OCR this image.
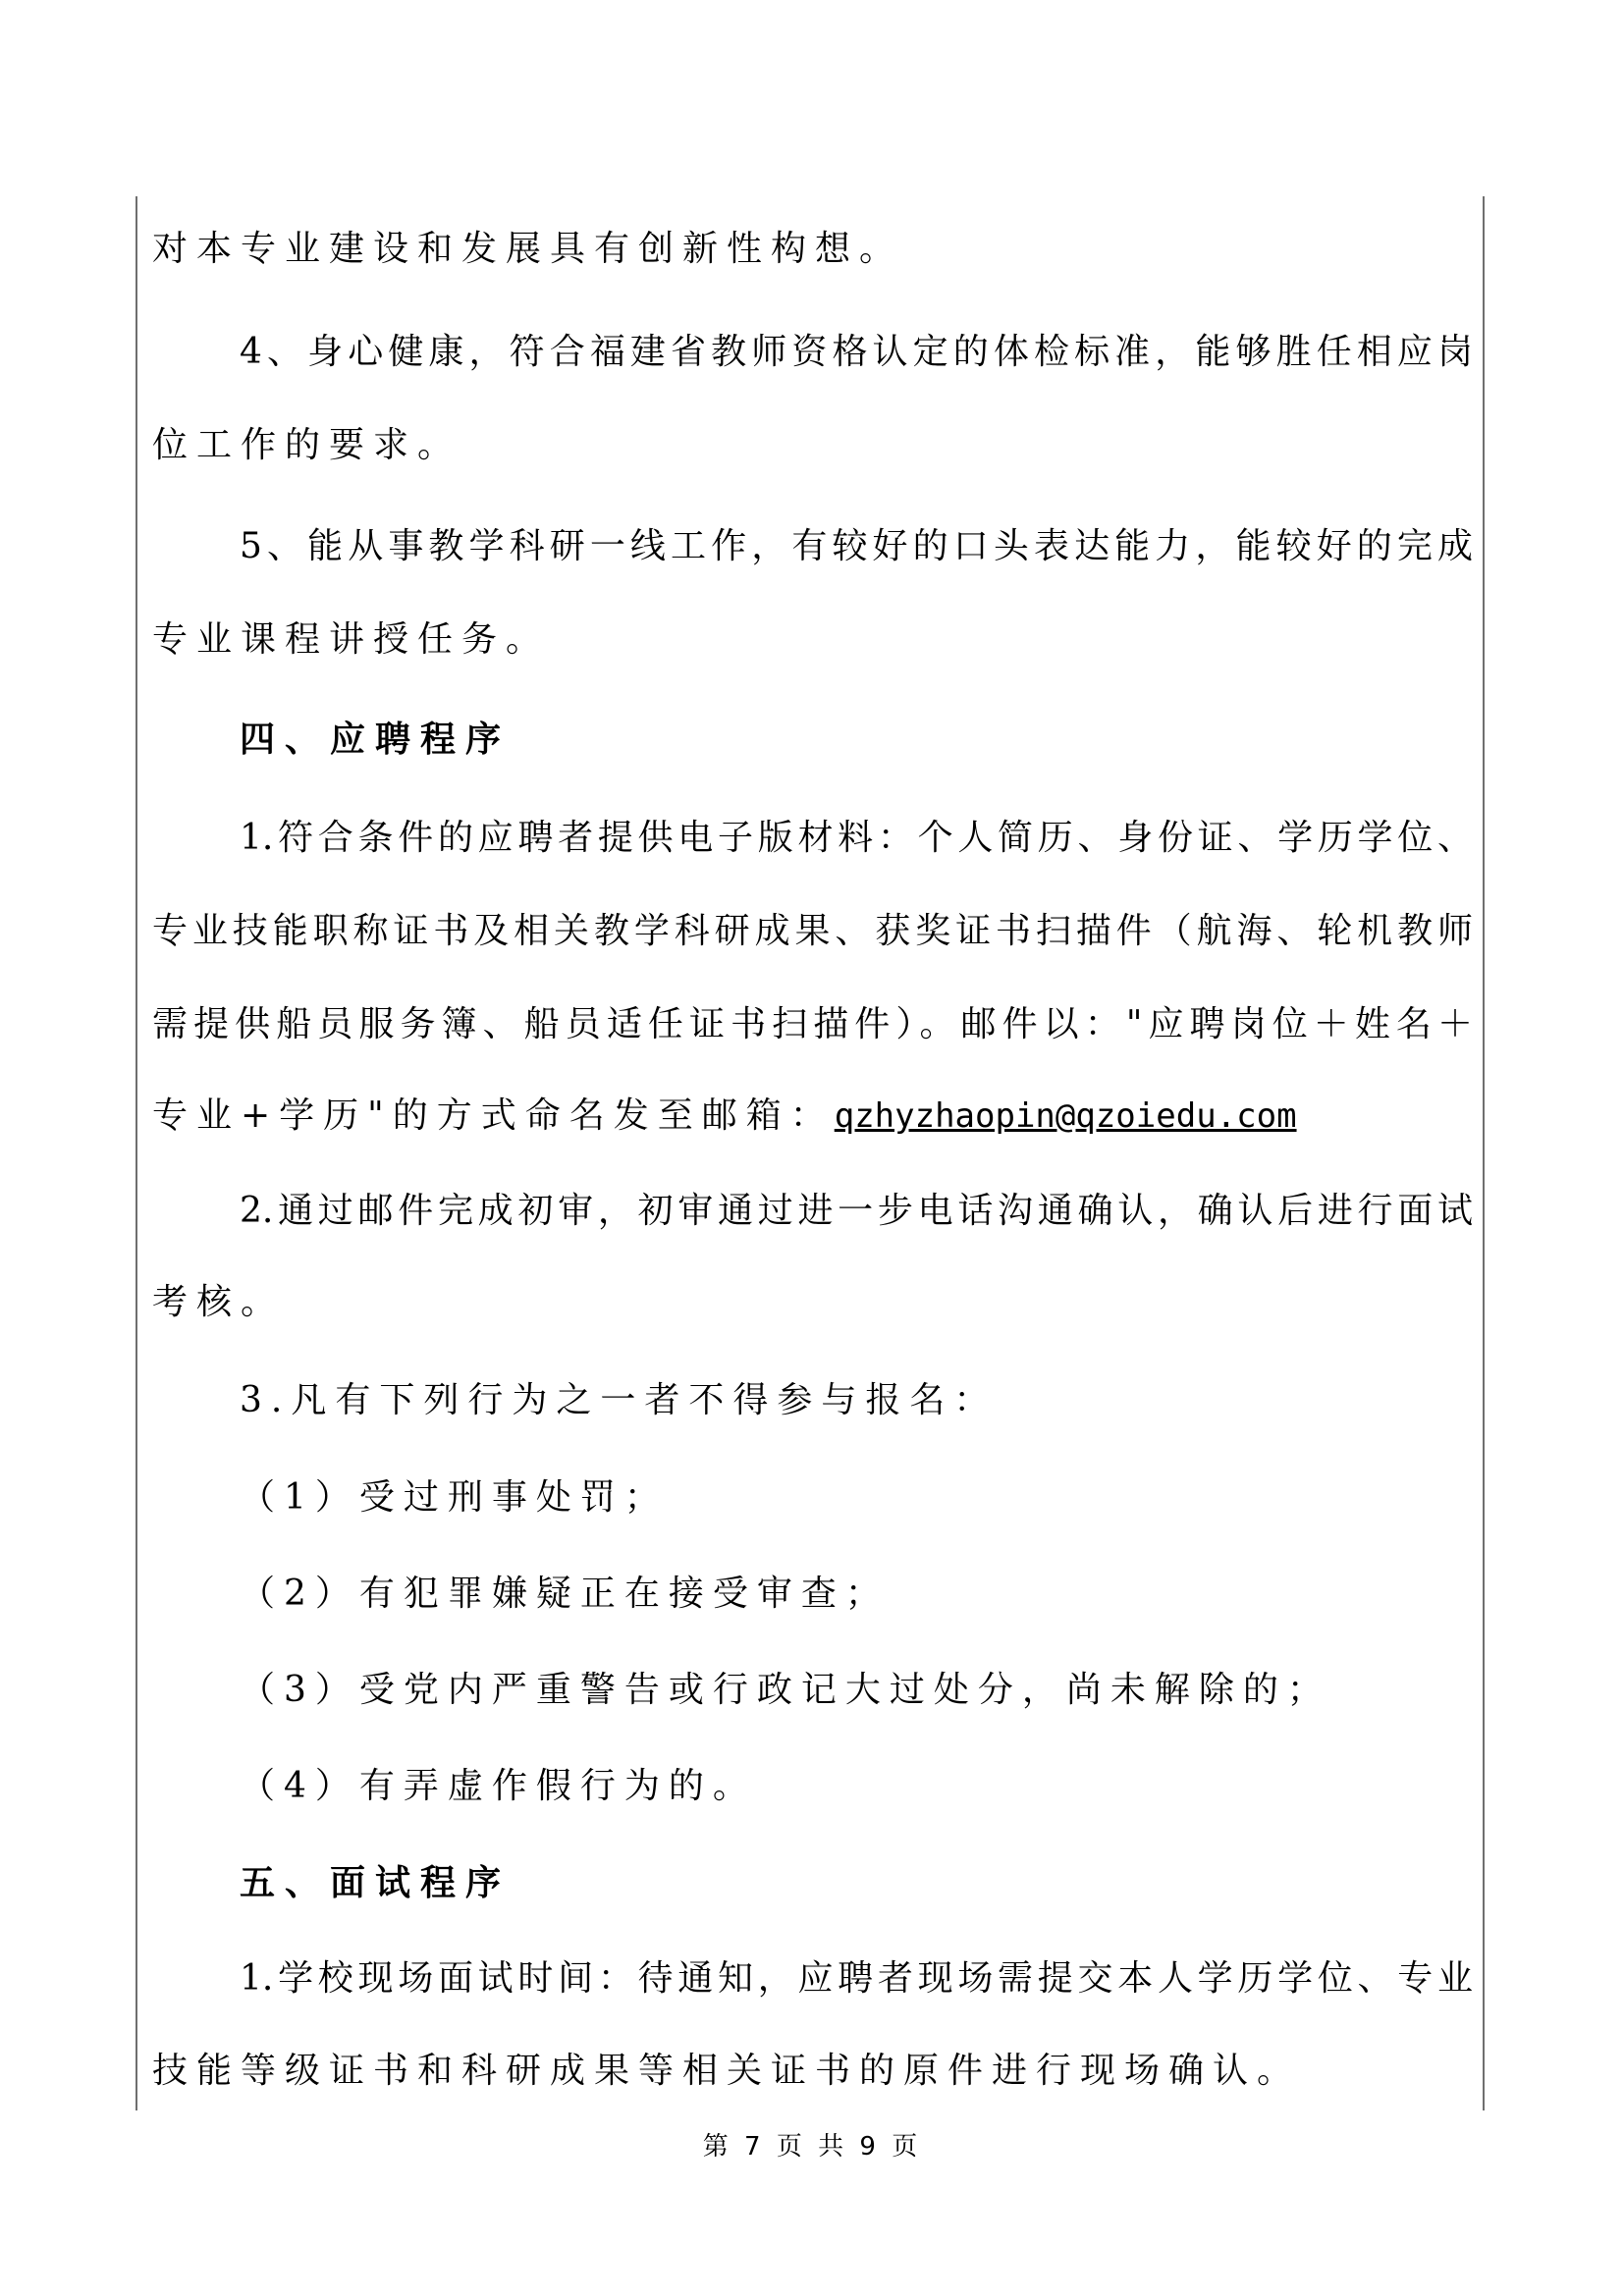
对本专业建设和发展具有创新性构想。
4、身心健康，符合福建省教师资格认定的体检标准，能够胜任相应岗
位工作的要求。
5、能从事教学科研一线工作，有较好的口头表达能力，能较好的完成
专业课程讲授任务。
四、应聘程序
1.符合条件的应聘者提供电子版材料：个人简历、身份证、学历学位、
专业技能职称证书及相关教学科研成果、获奖证书扫描件（航海、轮机教师
需提供船员服务簿、船员适任证书扫描件）。邮件以："应聘岗位＋姓名＋
专业+学历"的方式命名发至邮箱：qzhyzhaopin@qzoiedu.com
2.通过邮件完成初审，初审通过进一步电话沟通确认，确认后进行面试
考核。
3.凡有下列行为之一者不得参与报名：
（1）受过刑事处罚；
（2）有犯罪嫌疑正在接受审查；
（3）受党内严重警告或行政记大过处分，尚未解除的；
（4）有弄虚作假行为的。
五、面试程序
1.学校现场面试时间：待通知，应聘者现场需提交本人学历学位、专业
技能等级证书和科研成果等相关证书的原件进行现场确认。
第 7 页 共 9 页
